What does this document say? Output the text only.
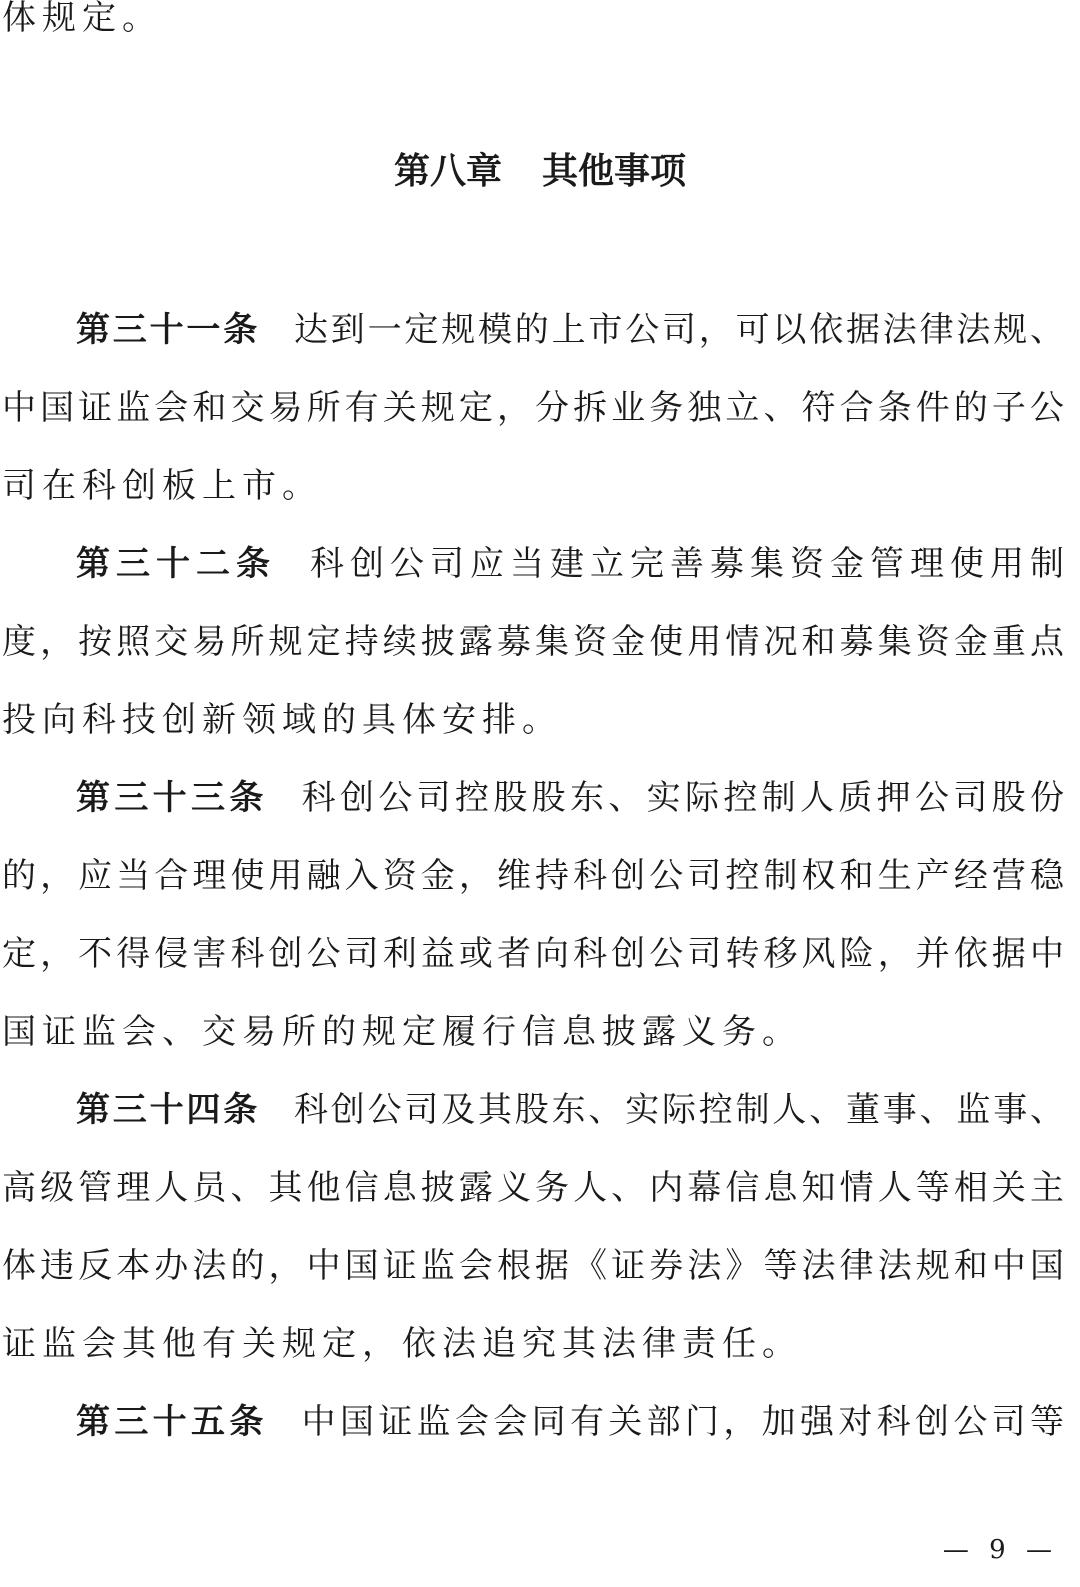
体规定。
第八章 其他事项
第三十一条 达到一定规模的上市公司，可以依据法律法规、
中国证监会和交易所有关规定，分拆业务独立、符合条件的子公
司在科创板上市。
第三十二条 科创公司应当建立完善募集资金管理使用制
度，按照交易所规定持续披露募集资金使用情况和募集资金重点
投向科技创新领域的具体安排。
第三十三条 科创公司控股股东、实际控制人质押公司股份
的，应当合理使用融入资金，维持科创公司控制权和生产经营稳
定，不得侵害科创公司利益或者向科创公司转移风险，并依据中
国证监会、交易所的规定履行信息披露义务。
第三十四条 科创公司及其股东、实际控制人、董事、监事、
高级管理人员、其他信息披露义务人、内幕信息知情人等相关主
体违反本办法的，中国证监会根据《证券法》等法律法规和中国
证监会其他有关规定，依法追究其法律责任。
第三十五条 中国证监会会同有关部门，加强对科创公司等
— 9 —
